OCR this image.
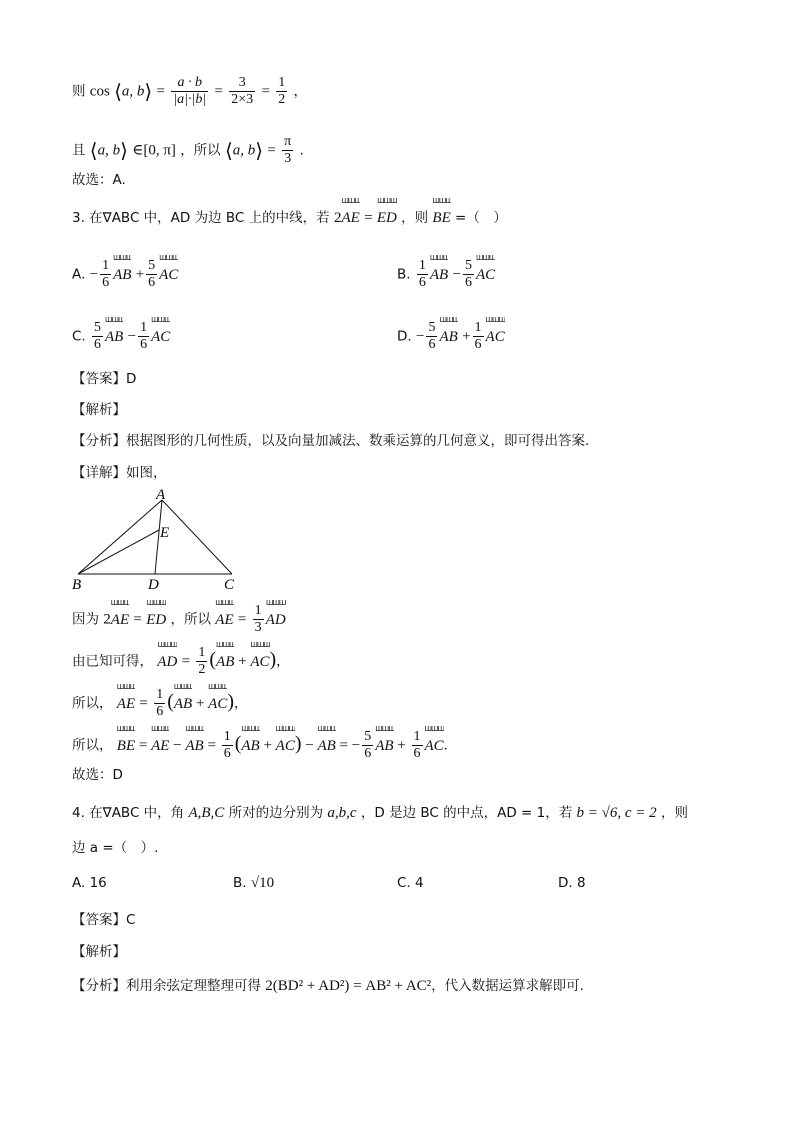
则 cos ⟨a, b⟩ = $\frac{a \cdot b}{|a|\cdot|b|} = \frac{3}{2\times 3} = \frac{1}{2}$ ，
且 ⟨a, b⟩ ∈[0, π] ，所以 ⟨a, b⟩ = $\frac{\pi}{3}$ .
故选：A.
3. 在∇ABC 中，AD 为边 BC 上的中线，若 2ШШШ AE = ШШШ ED ，则 ШШШ BE =（　）
A. − $\frac{1}{6}$ ШШШ AB + $\frac{5}{6}$ ШШШ AC	B. $\frac{1}{6}$ ШШШ AB − $\frac{5}{6}$ ШШШ AC
C. $\frac{5}{6}$ ШШШ AB − $\frac{1}{6}$ ШШШ AC	D. − $\frac{5}{6}$ ШШШ AB + $\frac{1}{6}$ ШШШ AC
【答案】D
【解析】
【分析】根据图形的几何性质，以及向量加减法、数乘运算的几何意义，即可得出答案.
【详解】如图，
A
E
B	D	C
因为 2ШШШ AE = ШШШ ED ，所以 ШШШ AE = $\frac{1}{3}$ ШШШ AD
由已知可得， ШШШ AD = $\frac{1}{2} (ШШШ$ AB + ШШШ AC)，
所以， ШШШ AE = $\frac{1}{6} (ШШШ$ AB + ШШШ AC)，
所以， ШШШ BE = ШШШ AE − ШШШ AB = $\frac{1}{6} (ШШШ$ AB + ШШШ AC) − ШШШ AB = − $\frac{5}{6}$ ШШШ AB + $\frac{1}{6}$ ШШШ AC.
故选：D
4. 在∇ABC 中，角 A,B,C 所对的边分别为 a,b,c ，D 是边 BC 的中点，AD = 1，若 b = √6, c = 2 ，则
边 a =（　）.
A. 16	B. √10	C. 4	D. 8
【答案】C
【解析】
【分析】利用余弦定理整理可得 2(BD² + AD²) = AB² + AC²，代入数据运算求解即可.
